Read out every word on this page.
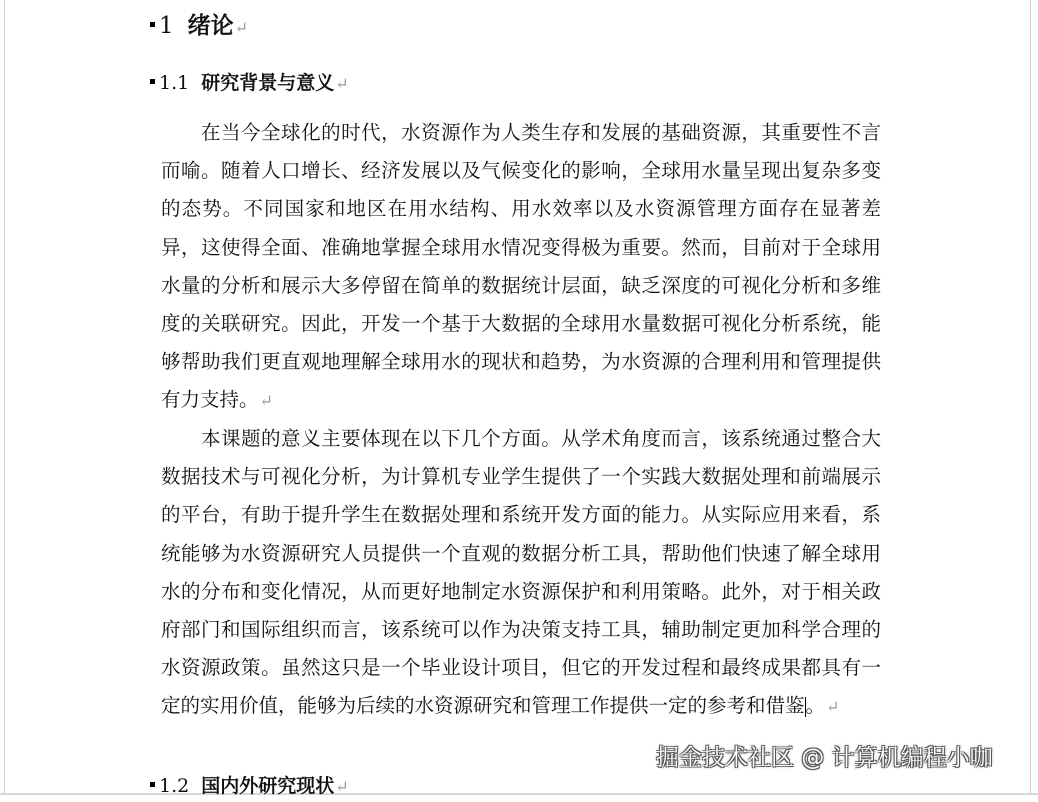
1 绪论↵
1.1 研究背景与意义↵

在当今全球化的时代，水资源作为人类生存和发展的基础资源，其重要性不言而喻。随着人口增长、经济发展以及气候变化的影响，全球用水量呈现出复杂多变的态势。不同国家和地区在用水结构、用水效率以及水资源管理方面存在显著差异，这使得全面、准确地掌握全球用水情况变得极为重要。然而，目前对于全球用水量的分析和展示大多停留在简单的数据统计层面，缺乏深度的可视化分析和多维度的关联研究。因此，开发一个基于大数据的全球用水量数据可视化分析系统，能够帮助我们更直观地理解全球用水的现状和趋势，为水资源的合理利用和管理提供有力支持。↵

本课题的意义主要体现在以下几个方面。从学术角度而言，该系统通过整合大数据技术与可视化分析，为计算机专业学生提供了一个实践大数据处理和前端展示的平台，有助于提升学生在数据处理和系统开发方面的能力。从实际应用来看，系统能够为水资源研究人员提供一个直观的数据分析工具，帮助他们快速了解全球用水的分布和变化情况，从而更好地制定水资源保护和利用策略。此外，对于相关政府部门和国际组织而言，该系统可以作为决策支持工具，辅助制定更加科学合理的水资源政策。虽然这只是一个毕业设计项目，但它的开发过程和最终成果都具有一定的实用价值，能够为后续的水资源研究和管理工作提供一定的参考和借鉴。↵

1.2 国内外研究现状↵
掘金技术社区 @ 计算机编程小咖
